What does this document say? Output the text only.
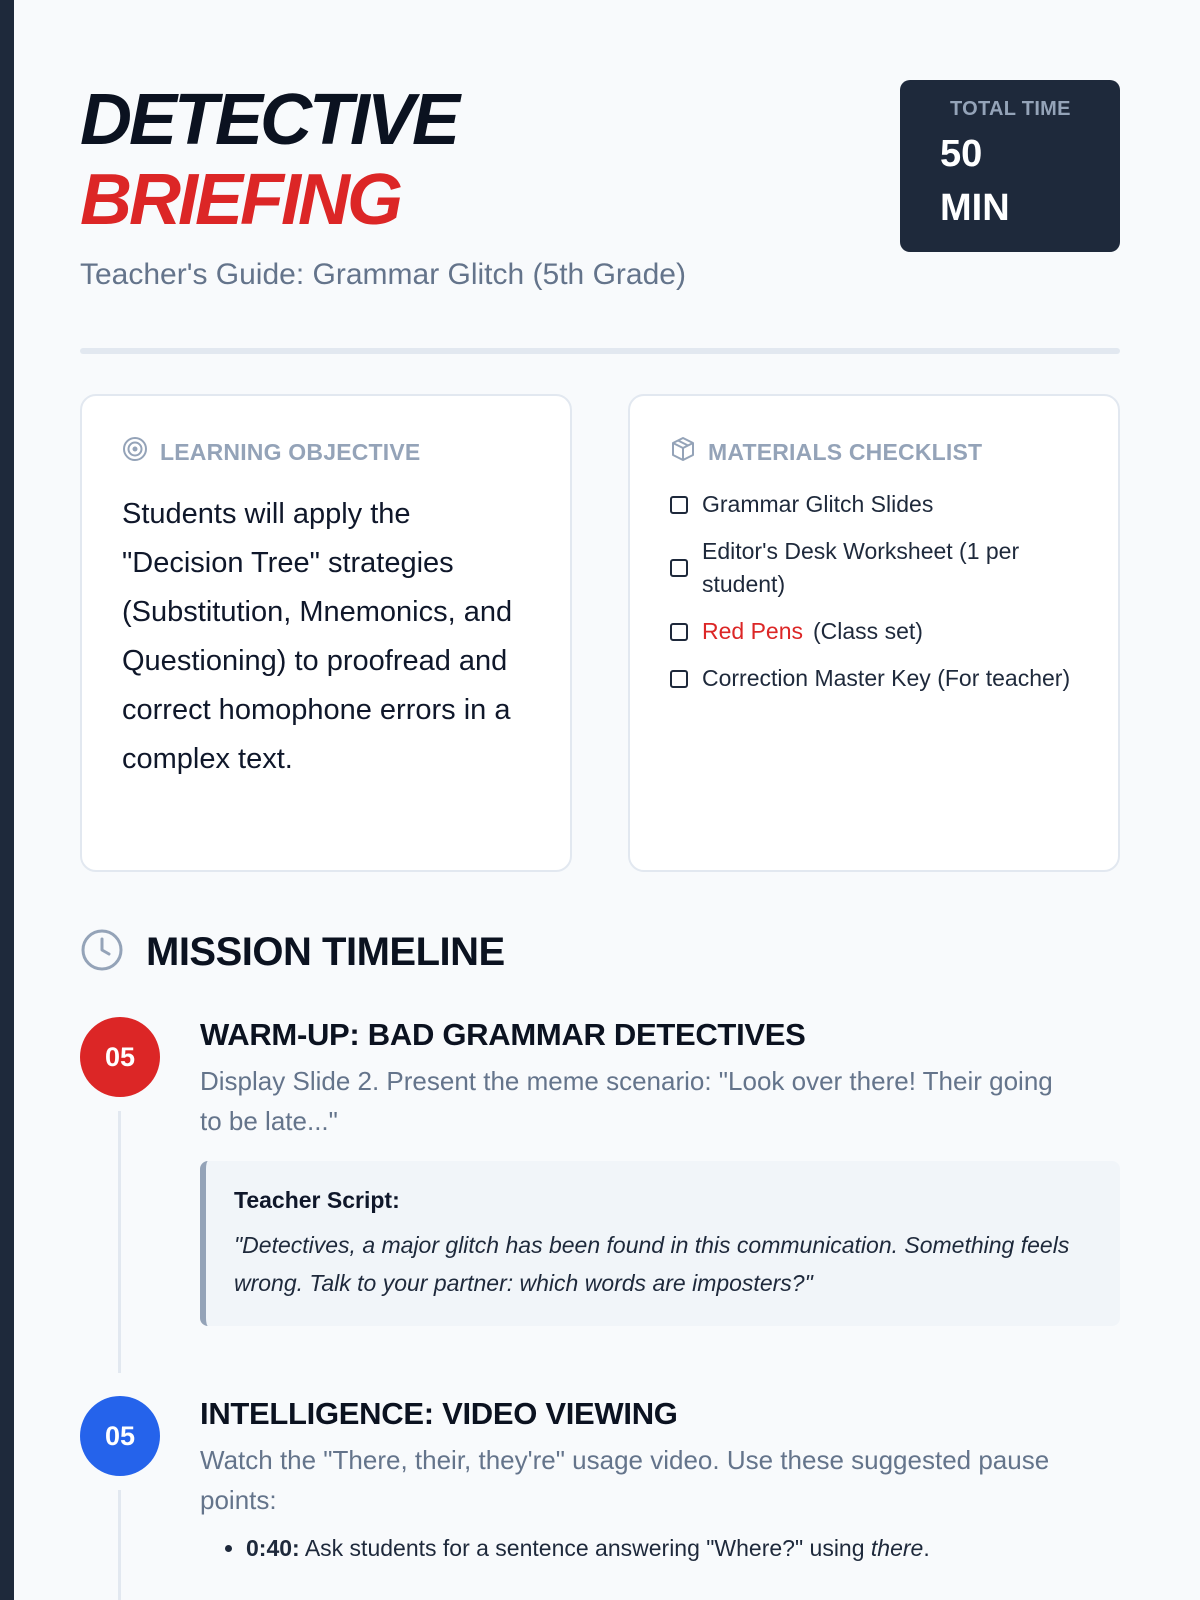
DETECTIVE
BRIEFING
Teacher's Guide: Grammar Glitch (5th Grade)
TOTAL TIME
50 MIN
LEARNING OBJECTIVE
Students will apply the "Decision Tree" strategies (Substitution, Mnemonics, and Questioning) to proofread and correct homophone errors in a complex text.
MATERIALS CHECKLIST
Grammar Glitch Slides
Editor's Desk Worksheet (1 per student)
Red Pens (Class set)
Correction Master Key (For teacher)
MISSION TIMELINE
05
WARM-UP: BAD GRAMMAR DETECTIVES
Display Slide 2. Present the meme scenario: "Look over there! Their going to be late..."
Teacher Script:
"Detectives, a major glitch has been found in this communication. Something feels wrong. Talk to your partner: which words are imposters?"
05
INTELLIGENCE: VIDEO VIEWING
Watch the "There, their, they're" usage video. Use these suggested pause points:
• 0:40: Ask students for a sentence answering "Where?" using there.
